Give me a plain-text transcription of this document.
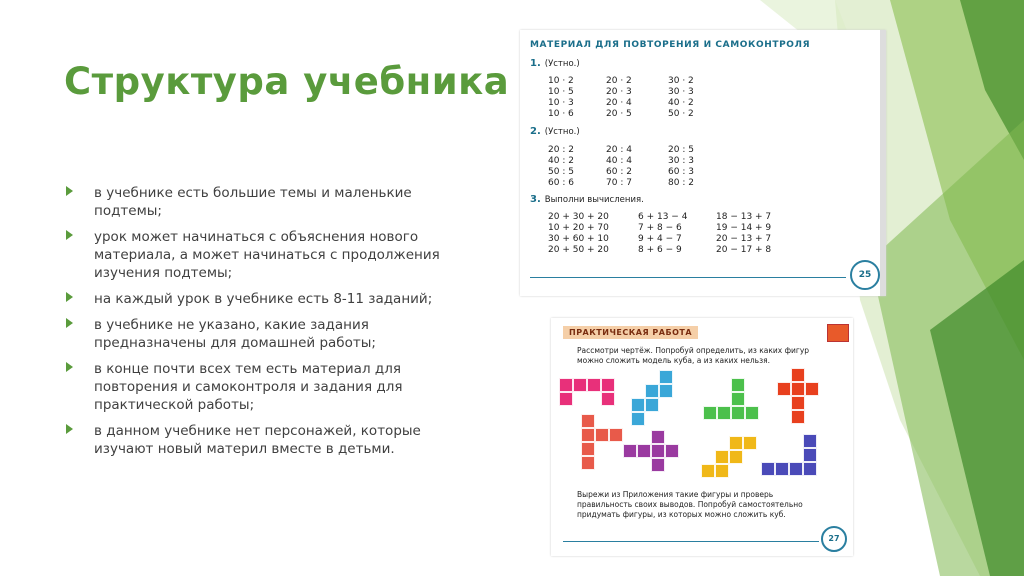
Структура учебника
в учебнике есть большие темы и маленькие подтемы;
урок может начинаться с объяснения нового материала, а может начинаться с продолжения изучения подтемы;
на каждый урок в учебнике есть 8-11 заданий;
в учебнике не указано, какие задания предназначены для домашней работы;
в конце почти всех тем есть материал для повторения и самоконтроля и задания для практической работы;
в данном учебнике нет персонажей, которые изучают новый материл вместе в детьми.
МАТЕРИАЛ ДЛЯ ПОВТОРЕНИЯ И САМОКОНТРОЛЯ
1. (Устно.)
10 · 2
10 · 5
10 · 3
10 · 6
20 · 2
20 · 3
20 · 4
20 · 5
30 · 2
30 · 3
40 · 2
50 · 2
2. (Устно.)
20 : 2
40 : 2
50 : 5
60 : 6
20 : 4
40 : 4
60 : 2
70 : 7
20 : 5
30 : 3
60 : 3
80 : 2
3. Выполни вычисления.
20 + 30 + 20
10 + 20 + 70
30 + 60 + 10
20 + 50 + 20
6 + 13 − 4
7 + 8 − 6
9 + 4 − 7
8 + 6 − 9
18 − 13 + 7
19 − 14 + 9
20 − 13 + 7
20 − 17 + 8
25
ПРАКТИЧЕСКАЯ РАБОТА
Рассмотри чертёж. Попробуй определить, из каких фигур можно сложить модель куба, а из каких нельзя.
Вырежи из Приложения такие фигуры и проверь правильность своих выводов. Попробуй самостоятельно придумать фигуры, из которых можно сложить куб.
27
